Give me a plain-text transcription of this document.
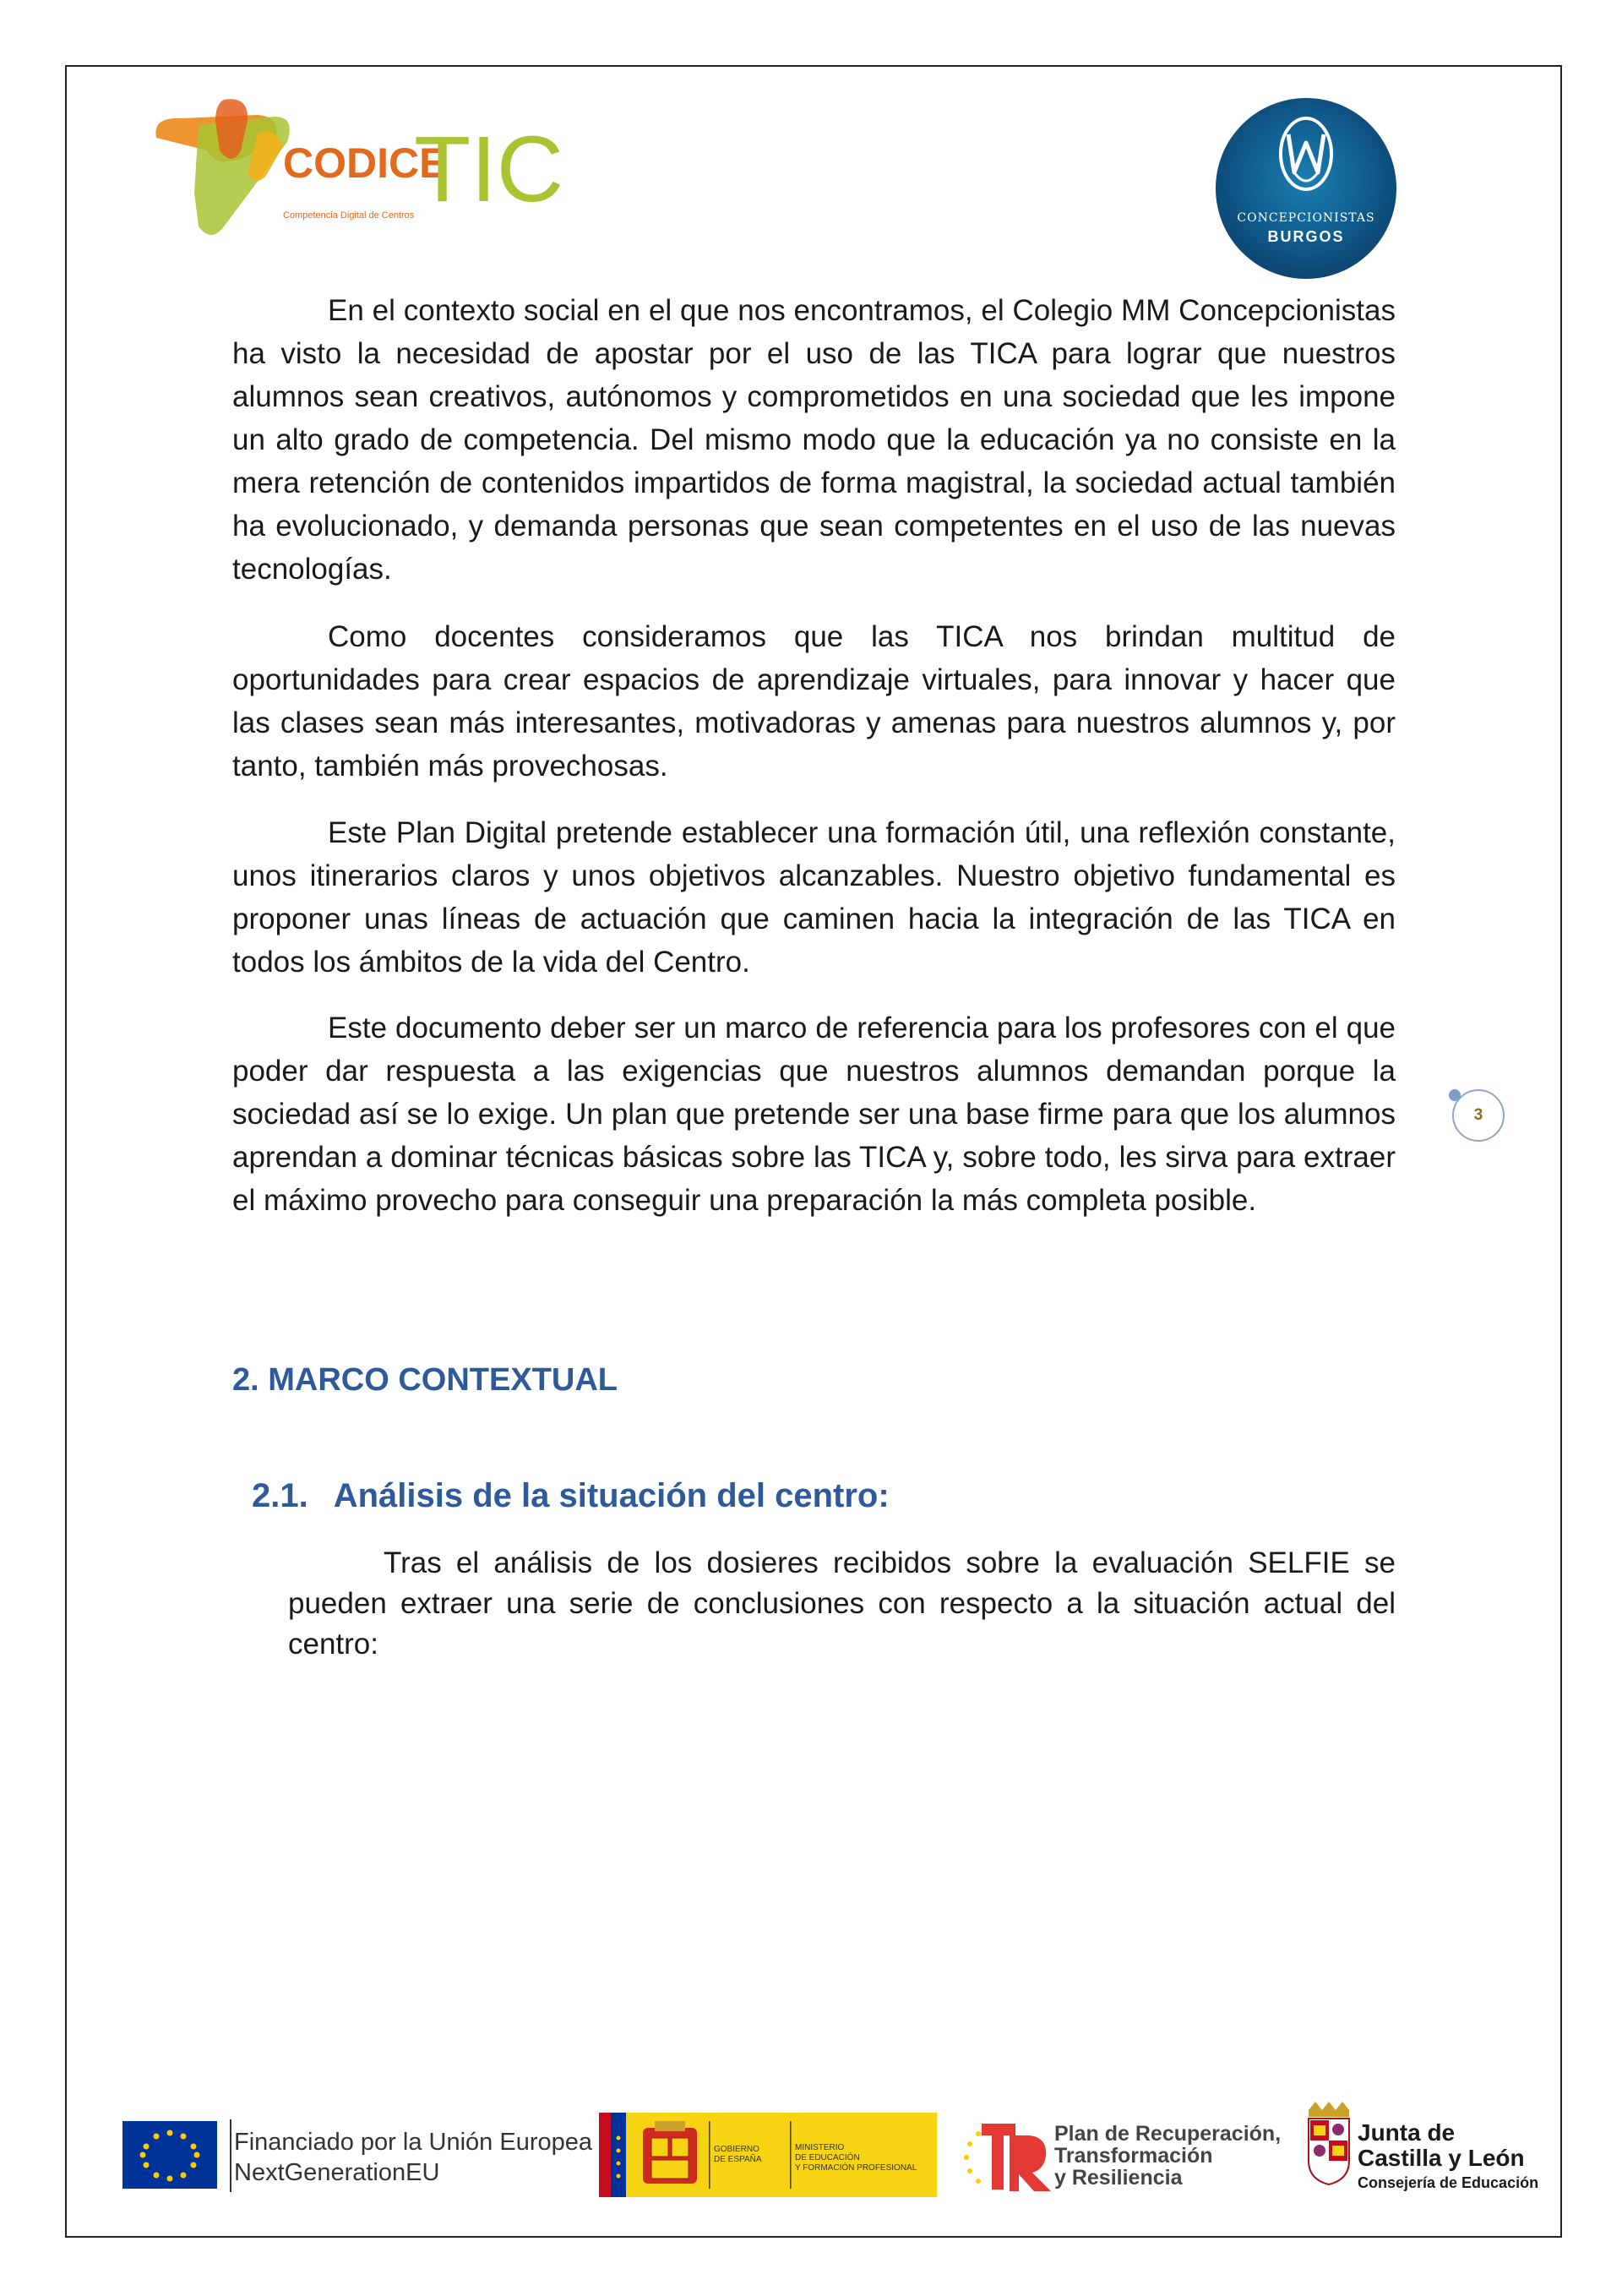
CODICE
TIC
Competencia Digital de Centros	CONCEPCIONISTAS
BURGOS

En el contexto social en el que nos encontramos, el Colegio MM Concepcionistas ha visto la necesidad de apostar por el uso de las TICA para lograr que nuestros alumnos sean creativos, autónomos y comprometidos en una sociedad que les impone un alto grado de competencia. Del mismo modo que la educación ya no consiste en la mera retención de contenidos impartidos de forma magistral, la sociedad actual también ha evolucionado, y demanda personas que sean competentes en el uso de las nuevas tecnologías.

Como docentes consideramos que las TICA nos brindan multitud de oportunidades para crear espacios de aprendizaje virtuales, para innovar y hacer que las clases sean más interesantes, motivadoras y amenas para nuestros alumnos y, por tanto, también más provechosas.

Este Plan Digital pretende establecer una formación útil, una reflexión constante, unos itinerarios claros y unos objetivos alcanzables. Nuestro objetivo fundamental es proponer unas líneas de actuación que caminen hacia la integración de las TICA en todos los ámbitos de la vida del Centro.

Este documento deber ser un marco de referencia para los profesores con el que poder dar respuesta a las exigencias que nuestros alumnos demandan porque la sociedad así se lo exige. Un plan que pretende ser una base firme para que los alumnos aprendan a dominar técnicas básicas sobre las TICA y, sobre todo, les sirva para extraer el máximo provecho para conseguir una preparación la más completa posible.

3
2. MARCO CONTEXTUAL
2.1. Análisis de la situación del centro:

Tras el análisis de los dosieres recibidos sobre la evaluación SELFIE se pueden extraer una serie de conclusiones con respecto a la situación actual del centro:

Financiado por la Unión Europea
NextGenerationEU
GOBIERNO
DE ESPAÑA
MINISTERIO
DE EDUCACIÓN
Y FORMACIÓN PROFESIONAL
Plan de Recuperación,
Transformación
y Resiliencia
Junta de
Castilla y León
Consejería de Educación
